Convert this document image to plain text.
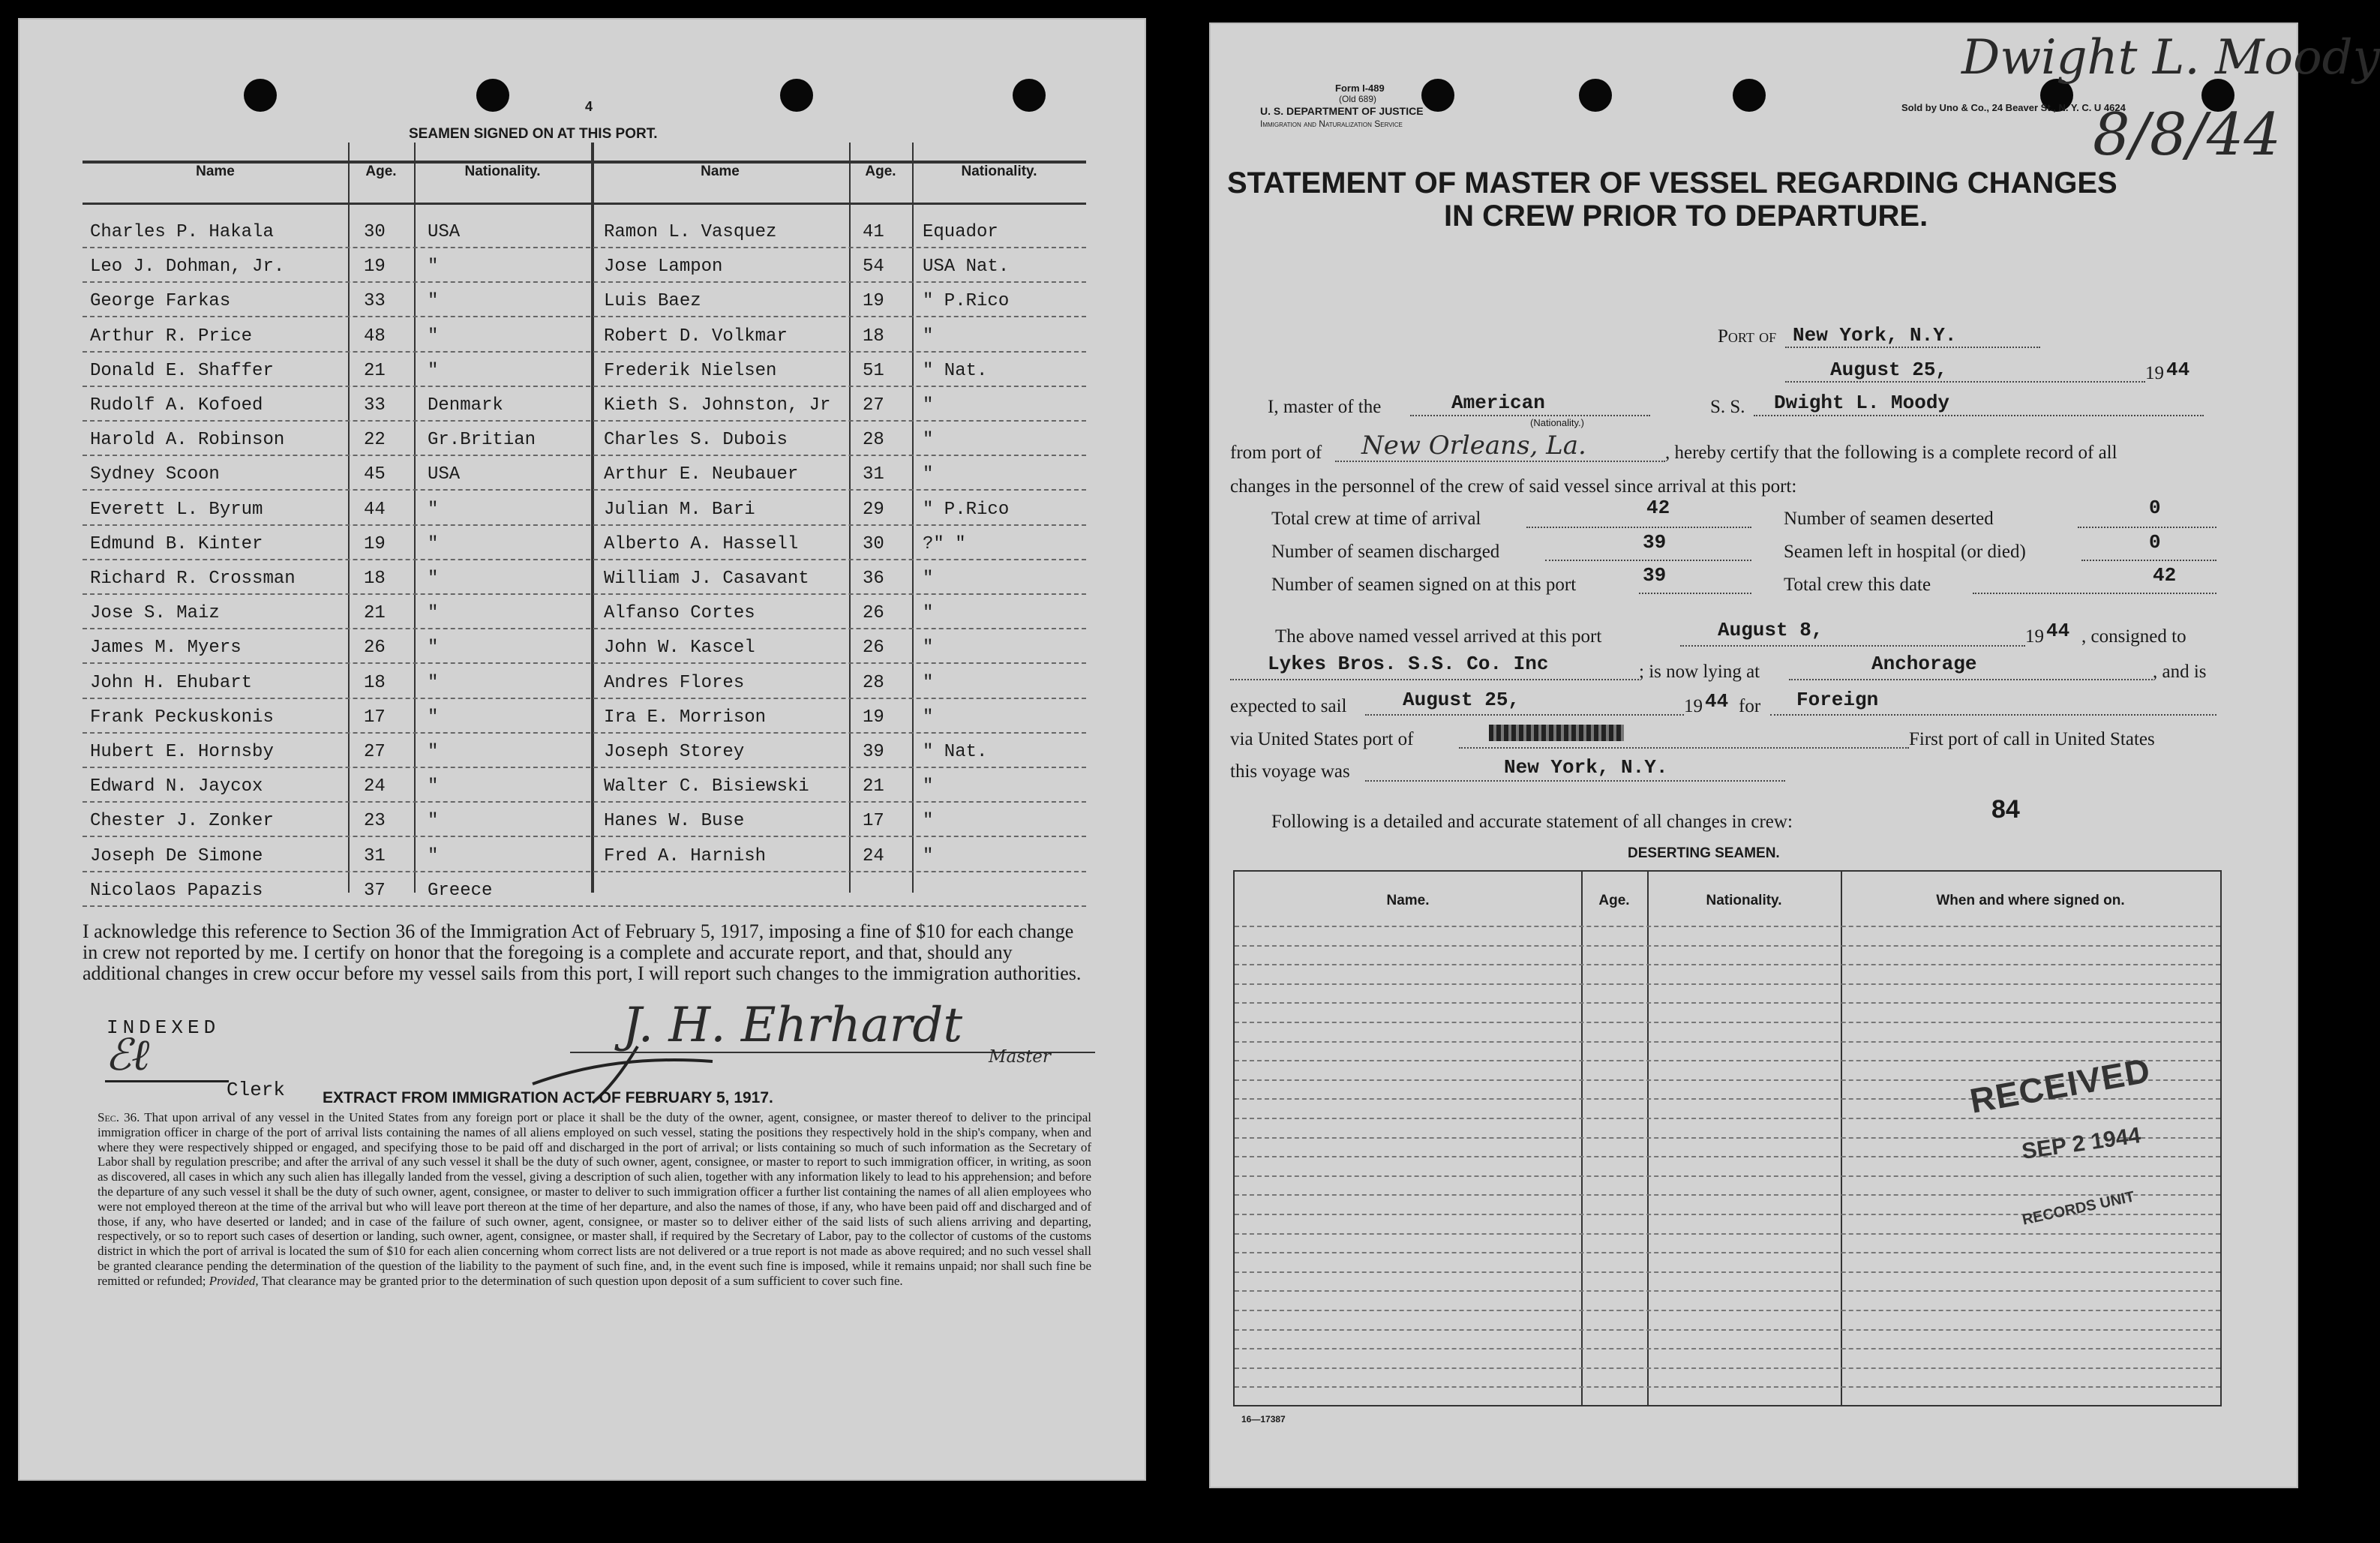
4
SEAMEN SIGNED ON AT THIS PORT.
Name	Age.	Nationality.	Name	Age.	Nationality.
Charles P. Hakala	30 USA	Ramon L. Vasquez	41 Equador
Leo J. Dohman, Jr.	19 "	Jose Lampon	54 USA Nat.
George Farkas	33 "	Luis Baez	19 " P.Rico
Arthur R. Price	48 "	Robert D. Volkmar	18 "
Donald E. Shaffer	21 "	Frederik Nielsen	51 " Nat.
Rudolf A. Kofoed	33 Denmark	Kieth S. Johnston, Jr 27 "
Harold A. Robinson	22 Gr.Britian	Charles S. Dubois	28 "
Sydney Scoon	45 USA	Arthur E. Neubauer	31 "
Everett L. Byrum	44 "	Julian M. Bari	29 " P.Rico
Edmund B. Kinter	19 "	Alberto A. Hassell	30 ?" "
Richard R. Crossman	18 "	William J. Casavant	36 "
Jose S. Maiz	21 "	Alfanso Cortes	26 "
James M. Myers	26 "	John W. Kascel	26 "
John H. Ehubart	18 "	Andres Flores	28 "
Frank Peckuskonis	17 "	Ira E. Morrison	19 "
Hubert E. Hornsby	27 "	Joseph Storey	39 " Nat.
Edward N. Jaycox	24 "	Walter C. Bisiewski	21 "
Chester J. Zonker	23 "	Hanes W. Buse	17 "
Joseph De Simone	31 "	Fred A. Harnish	24 "
Nicolaos Papazis	37 Greece
I acknowledge this reference to Section 36 of the Immigration Act of February 5, 1917, imposing a fine of $10 for each change in crew not reported by me. I certify on honor that the foregoing is a complete and accurate report, and that, should any additional changes in crew occur before my vessel sails from this port, I will report such changes to the immigration authorities.
INDEXED
ℰℓ
Clerk
J. H. Ehrhardt
Master
EXTRACT FROM IMMIGRATION ACT OF FEBRUARY 5, 1917.
Sec. 36. That upon arrival of any vessel in the United States from any foreign port or place it shall be the duty of the owner, agent, consignee, or master thereof to deliver to the principal immigration officer in charge of the port of arrival lists containing the names of all aliens employed on such vessel, stating the positions they respectively hold in the ship's company, when and where they were respectively shipped or engaged, and specifying those to be paid off and discharged in the port of arrival; or lists containing so much of such information as the Secretary of Labor shall by regulation prescribe; and after the arrival of any such vessel it shall be the duty of such owner, agent, consignee, or master to report to such immigration officer, in writing, as soon as discovered, all cases in which any such alien has illegally landed from the vessel, giving a description of such alien, together with any information likely to lead to his apprehension; and before the departure of any such vessel it shall be the duty of such owner, agent, consignee, or master to deliver to such immigration officer a further list containing the names of all alien employees who were not employed thereon at the time of the arrival but who will leave port thereon at the time of her departure, and also the names of those, if any, who have been paid off and discharged and of those, if any, who have deserted or landed; and in case of the failure of such owner, agent, consignee, or master so to deliver either of the said lists of such aliens arriving and departing, respectively, or so to report such cases of desertion or landing, such owner, agent, consignee, or master shall, if required by the Secretary of Labor, pay to the collector of customs of the customs district in which the port of arrival is located the sum of $10 for each alien concerning whom correct lists are not delivered or a true report is not made as above required; and no such vessel shall be granted clearance pending the determination of the question of the liability to the payment of such fine, and, in the event such fine is imposed, while it remains unpaid; nor shall such fine be remitted or refunded; Provided, That clearance may be granted prior to the determination of such question upon deposit of a sum sufficient to cover such fine.
Form I-489
(Old 689)
U. S. DEPARTMENT OF JUSTICE
Immigration and Naturalization Service
Sold by Uno & Co., 24 Beaver St., N. Y. C. U 4624
Dwight L. Moody
8/8/44
STATEMENT OF MASTER OF VESSEL REGARDING CHANGES
IN CREW PRIOR TO DEPARTURE.
Port of New York, N.Y.
August 25,	19 44
I, master of the	American
(Nationality.)
S. S. Dwight L. Moody
from port of New Orleans, La.	, hereby certify that the following is a complete record of all
changes in the personnel of the crew of said vessel since arrival at this port:
Total crew at time of arrival	42	Number of seamen deserted	0
Number of seamen discharged	39	Seamen left in hospital (or died)	0
Number of seamen signed on at this port	39	Total crew this date	42
The above named vessel arrived at this port	August 8,	19 44 , consigned to
Lykes Bros. S.S. Co. Inc	; is now lying at	Anchorage	, and is
expected to sail	August 25,	19 44 for Foreign
via United States port of	First port of call in United States
this voyage was	New York, N.Y.
Following is a detailed and accurate statement of all changes in crew:	84
DESERTING SEAMEN.
Name.	Age.	Nationality.	When and where signed on.
RECEIVED
SEP 2 1944
RECORDS UNIT
16—17387
